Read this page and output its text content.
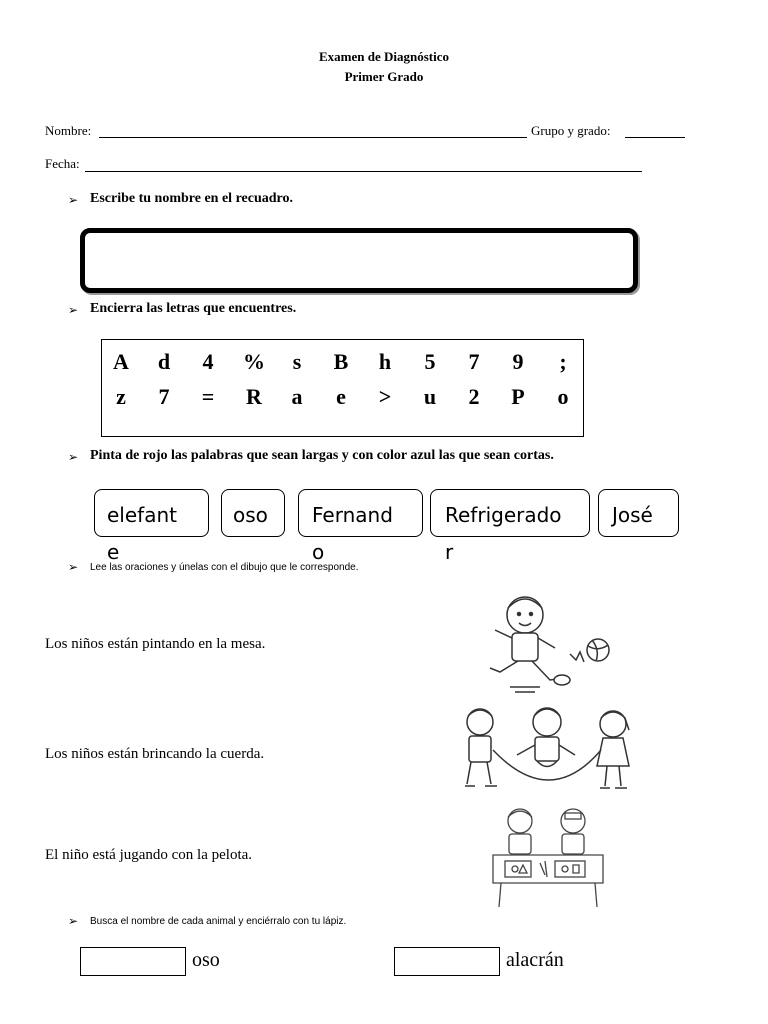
Examen de Diagnóstico
Primer Grado
Nombre:	Grupo y grado:
Fecha:
➢ Escribe tu nombre en el recuadro.
➢ Encierra las letras que encuentres.
A	d	4	%	s	B	h	5	7	9	;
z	7	=	R	a	e	>	u	2	P	o
➢ Pinta de rojo las palabras que sean largas y con color azul las que sean cortas.
elefant	oso Fernand	Refrigerado	José
e	o	r
➢ Lee las oraciones y únelas con el dibujo que le corresponde.
Los niños están pintando en la mesa.
Los niños están brincando la cuerda.
El niño está jugando con la pelota.
➢ Busca el nombre de cada animal y enciérralo con tu lápiz.
oso	alacrán
